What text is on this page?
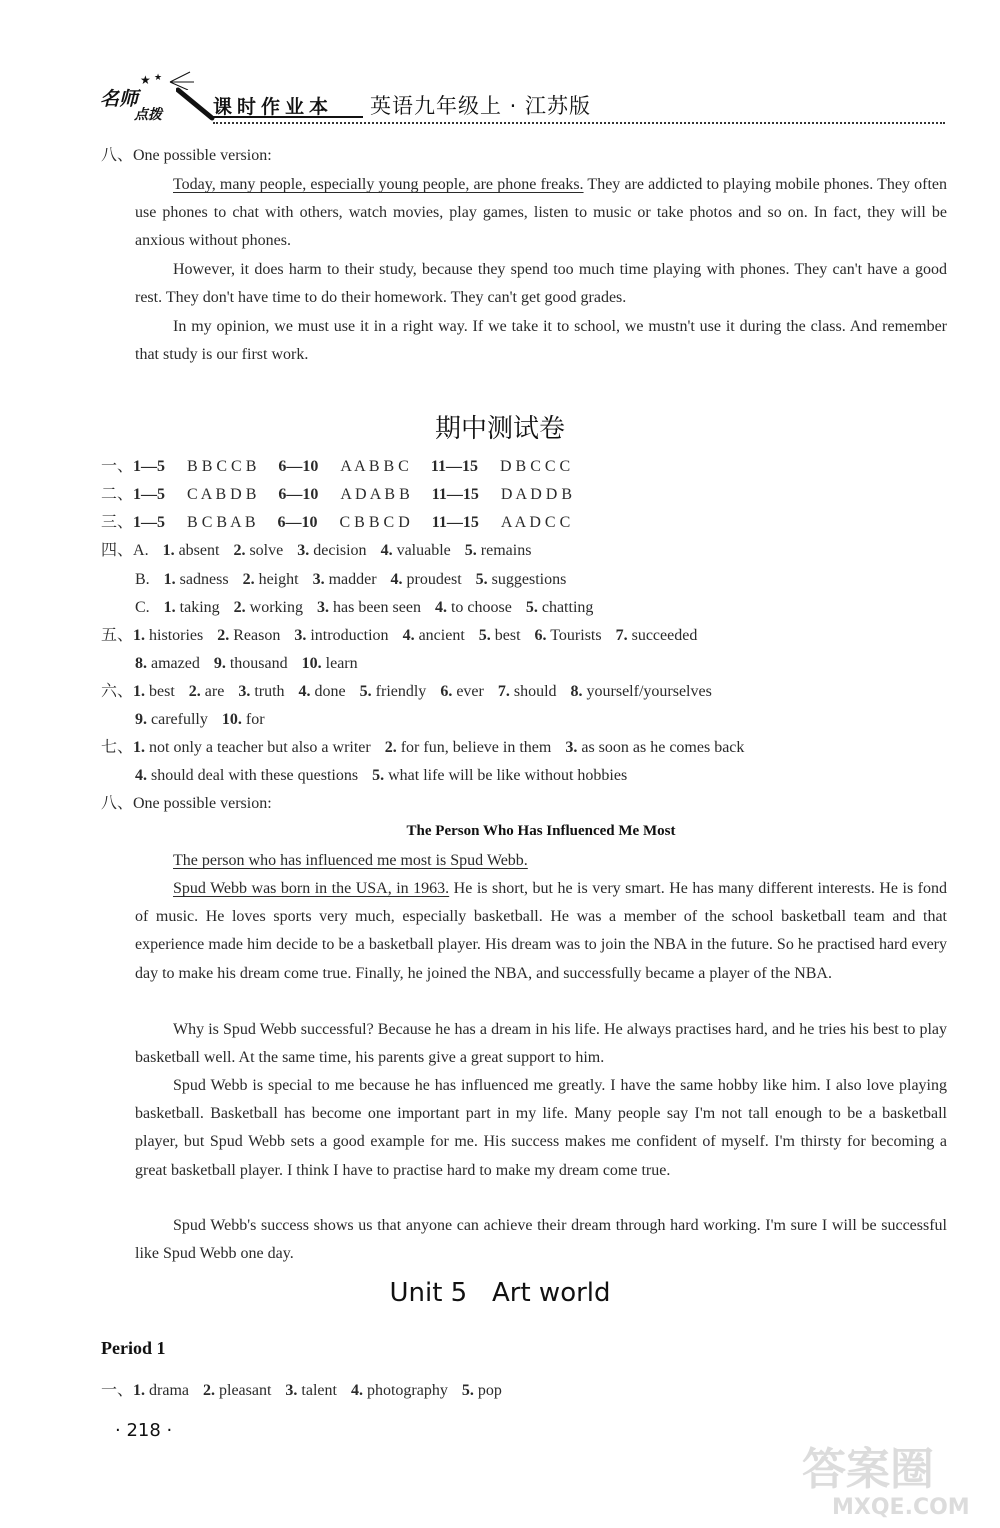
★ ★
名师
点拨	课时作业本 英语九年级上 · 江苏版
八、One possible version:
Today, many people, especially young people, are phone freaks. They are addicted to playing mobile phones. They often use phones to chat with others, watch movies, play games, listen to music or take photos and so on. In fact, they will be anxious without phones.
However, it does harm to their study, because they spend too much time playing with phones. They can't have a good rest. They don't have time to do their homework. They can't get good grades.
In my opinion, we must use it in a right way. If we take it to school, we mustn't use it during the class. And remember that study is our first work.
期中测试卷
一、1—5 B B C C B 6—10 A A B B C 11—15 D B C C C
二、1—5 C A B D B 6—10 A D A B B 11—15 D A D D B
三、1—5 B C B A B 6—10 C B B C D 11—15 A A D C C
四、A. 1. absent 2. solve 3. decision 4. valuable 5. remains
B. 1. sadness 2. height 3. madder 4. proudest 5. suggestions
C. 1. taking 2. working 3. has been seen 4. to choose 5. chatting
五、1. histories 2. Reason 3. introduction 4. ancient 5. best 6. Tourists 7. succeeded
8. amazed 9. thousand 10. learn
六、1. best 2. are 3. truth 4. done 5. friendly 6. ever 7. should 8. yourself/yourselves
9. carefully 10. for
七、1. not only a teacher but also a writer 2. for fun, believe in them 3. as soon as he comes back
4. should deal with these questions 5. what life will be like without hobbies
八、One possible version:
The Person Who Has Influenced Me Most
The person who has influenced me most is Spud Webb.
Spud Webb was born in the USA, in 1963. He is short, but he is very smart. He has many different interests. He is fond of music. He loves sports very much, especially basketball. He was a member of the school basketball team and that experience made him decide to be a basketball player. His dream was to join the NBA in the future. So he practised hard every day to make his dream come true. Finally, he joined the NBA, and successfully became a player of the NBA.
Why is Spud Webb successful? Because he has a dream in his life. He always practises hard, and he tries his best to play basketball well. At the same time, his parents give a great support to him.
Spud Webb is special to me because he has influenced me greatly. I have the same hobby like him. I also love playing basketball. Basketball has become one important part in my life. Many people say I'm not tall enough to be a basketball player, but Spud Webb sets a good example for me. His success makes me confident of myself. I'm thirsty for becoming a great basketball player. I think I have to practise hard to make my dream come true.
Spud Webb's success shows us that anyone can achieve their dream through hard working. I'm sure I will be successful like Spud Webb one day.
Unit 5   Art world
Period 1
一、1. drama 2. pleasant 3. talent 4. photography 5. pop
· 218 ·
答案圈
MXQE.COM
